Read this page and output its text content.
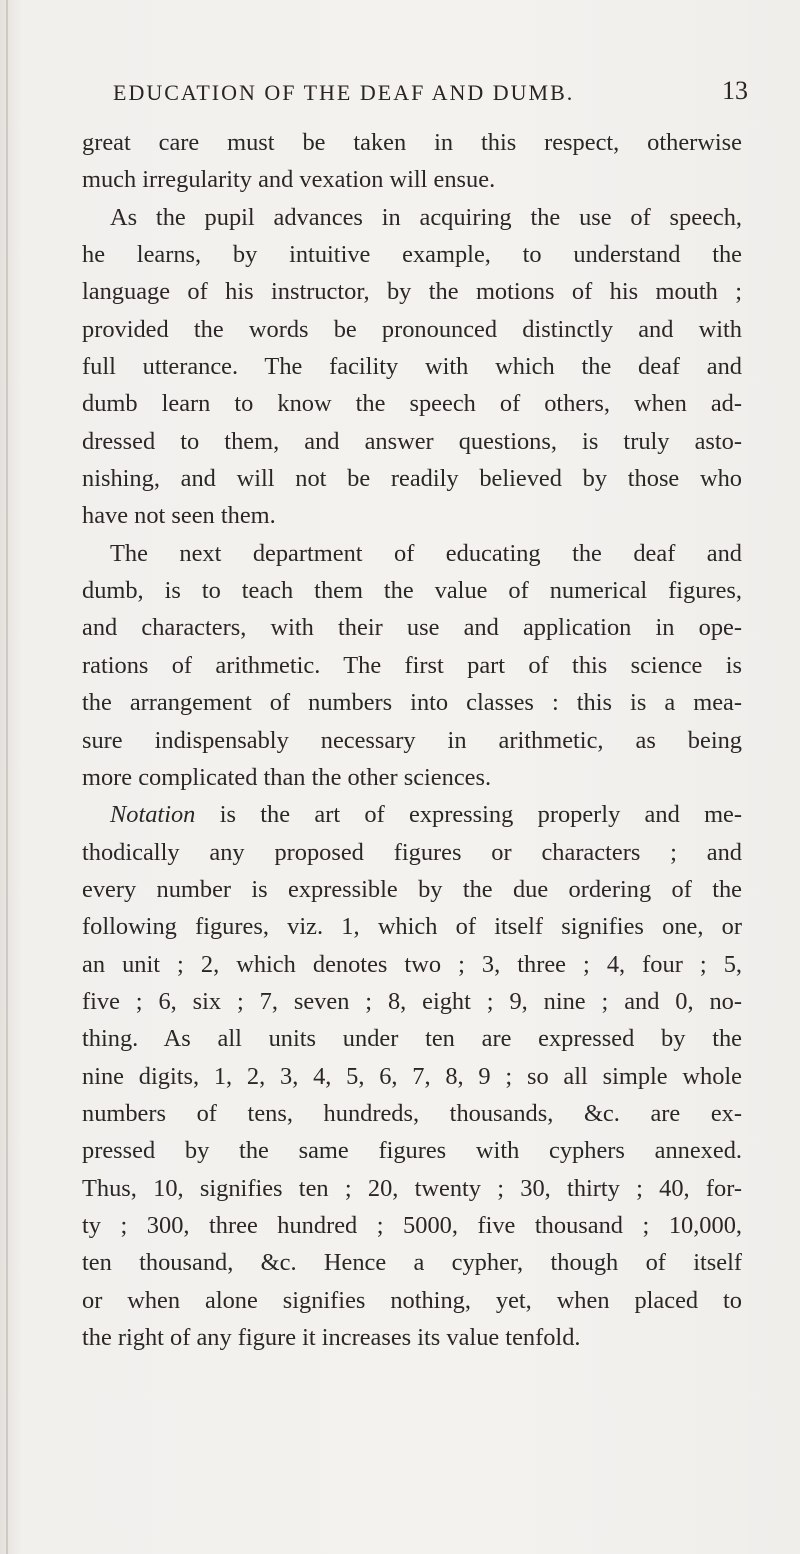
EDUCATION OF THE DEAF AND DUMB.	13
great care must be taken in this respect, otherwise
much irregularity and vexation will ensue.
As the pupil advances in acquiring the use of speech,
he learns, by intuitive example, to understand the
language of his instructor, by the motions of his mouth ;
provided the words be pronounced distinctly and with
full utterance. The facility with which the deaf and
dumb learn to know the speech of others, when ad-
dressed to them, and answer questions, is truly asto-
nishing, and will not be readily believed by those who
have not seen them.
The next department of educating the deaf and
dumb, is to teach them the value of numerical figures,
and characters, with their use and application in ope-
rations of arithmetic. The first part of this science is
the arrangement of numbers into classes : this is a mea-
sure indispensably necessary in arithmetic, as being
more complicated than the other sciences.
Notation is the art of expressing properly and me-
thodically any proposed figures or characters ; and
every number is expressible by the due ordering of the
following figures, viz. 1, which of itself signifies one, or
an unit ; 2, which denotes two ; 3, three ; 4, four ; 5,
five ; 6, six ; 7, seven ; 8, eight ; 9, nine ; and 0, no-
thing. As all units under ten are expressed by the
nine digits, 1, 2, 3, 4, 5, 6, 7, 8, 9 ; so all simple whole
numbers of tens, hundreds, thousands, &c. are ex-
pressed by the same figures with cyphers annexed.
Thus, 10, signifies ten ; 20, twenty ; 30, thirty ; 40, for-
ty ; 300, three hundred ; 5000, five thousand ; 10,000,
ten thousand, &c. Hence a cypher, though of itself
or when alone signifies nothing, yet, when placed to
the right of any figure it increases its value tenfold.
